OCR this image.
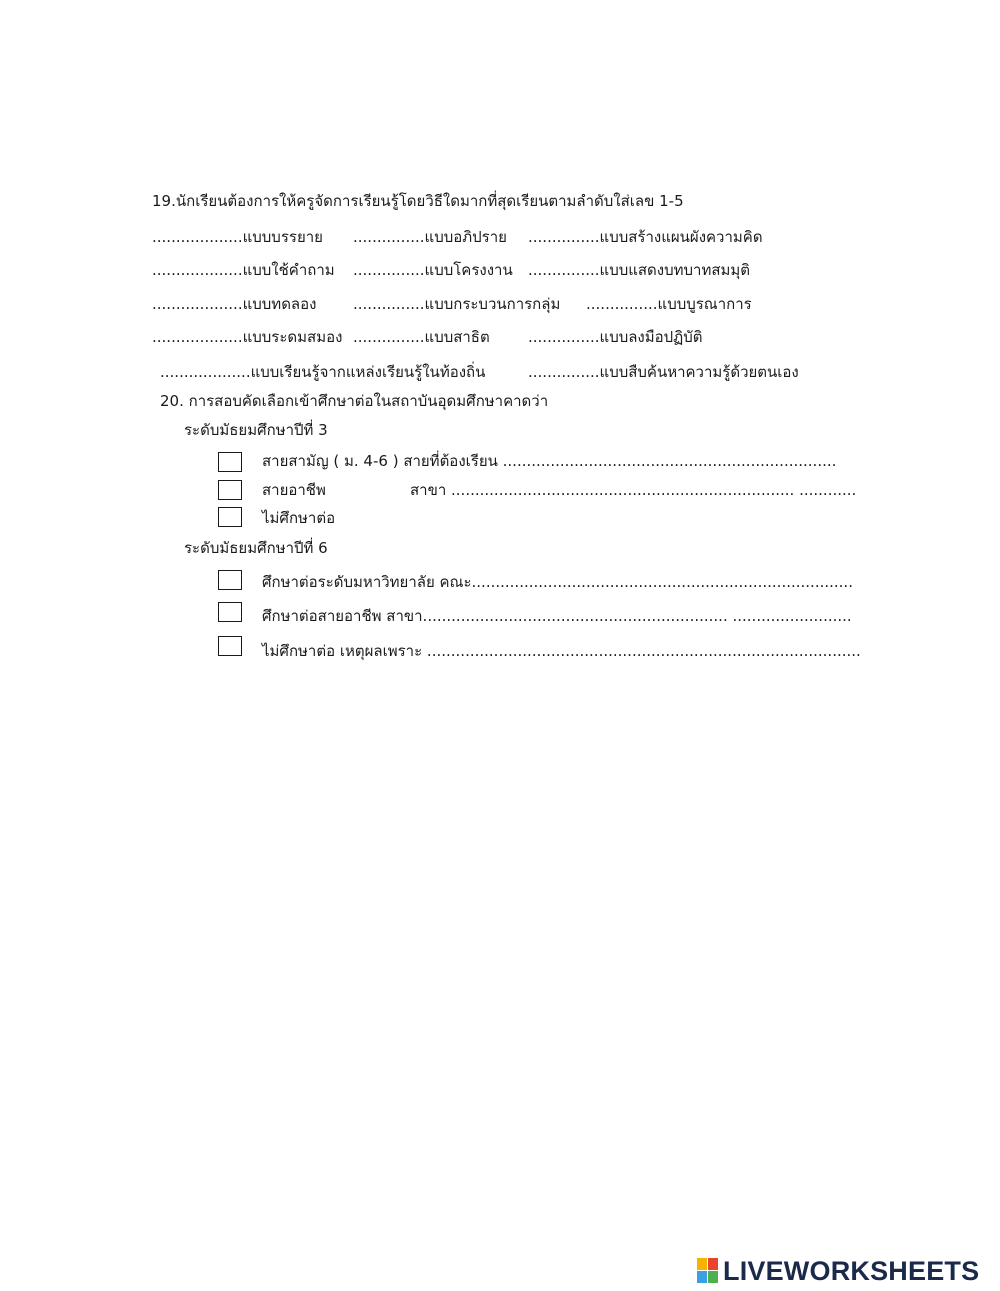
19.นักเรียนต้องการให้ครูจัดการเรียนรู้โดยวิธีใดมากที่สุดเรียนตามลำดับใส่เลข 1-5
...................แบบบรรยาย ...............แบบอภิปราย ...............แบบสร้างแผนผังความคิด
...................แบบใช้คำถาม ...............แบบโครงงาน ...............แบบแสดงบทบาทสมมุติ
...................แบบทดลอง ...............แบบกระบวนการกลุ่ม ...............แบบบูรณาการ
...................แบบระดมสมอง ...............แบบสาธิต	...............แบบลงมือปฏิบัติ
...................แบบเรียนรู้จากแหล่งเรียนรู้ในท้องถิ่น	...............แบบสืบค้นหาความรู้ด้วยตนเอง
20. การสอบคัดเลือกเข้าศึกษาต่อในสถาบันอุดมศึกษาคาดว่า
ระดับมัธยมศึกษาปีที่ 3
สายสามัญ ( ม. 4-6 ) สายที่ต้องเรียน ......................................................................
สายอาชีพ	สาขา ........................................................................ ............
ไม่ศึกษาต่อ
ระดับมัธยมศึกษาปีที่ 6
ศึกษาต่อระดับมหาวิทยาลัย คณะ................................................................................
ศึกษาต่อสายอาชีพ สาขา................................................................ .........................
ไม่ศึกษาต่อ เหตุผลเพราะ ...........................................................................................
LIVEWORKSHEETS
